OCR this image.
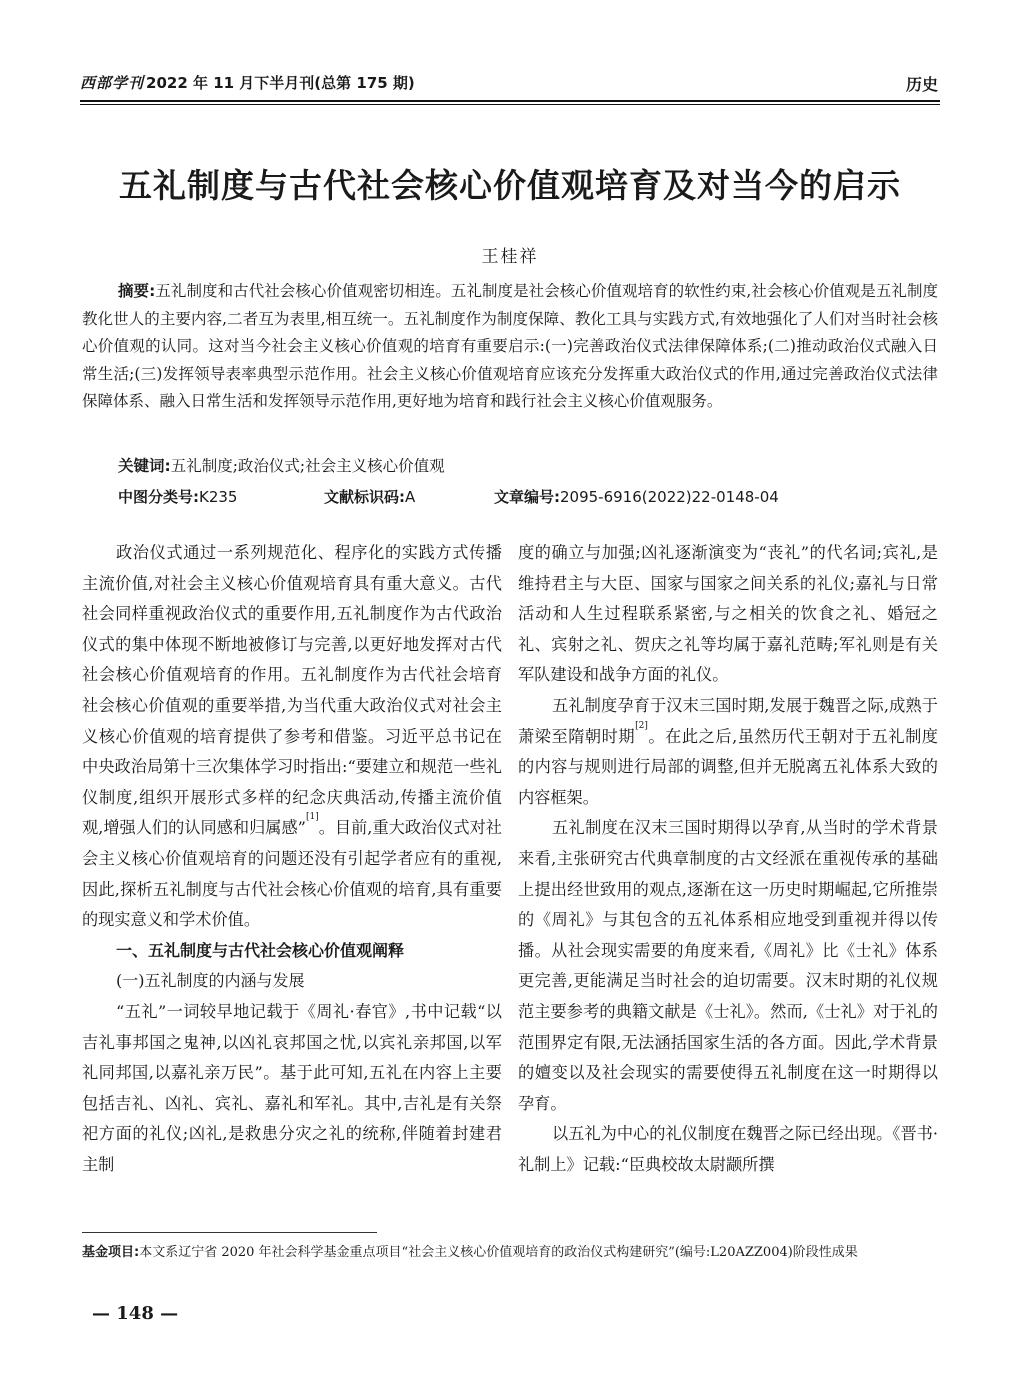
西部学刊 2022 年 11 月下半月刊(总第 175 期)	历史
五礼制度与古代社会核心价值观培育及对当今的启示
王桂祥
摘要:五礼制度和古代社会核心价值观密切相连。五礼制度是社会核心价值观培育的软性约束,社会核心价值观是五礼制度教化世人的主要内容,二者互为表里,相互统一。五礼制度作为制度保障、教化工具与实践方式,有效地强化了人们对当时社会核心价值观的认同。这对当今社会主义核心价值观的培育有重要启示:(一)完善政治仪式法律保障体系;(二)推动政治仪式融入日常生活;(三)发挥领导表率典型示范作用。社会主义核心价值观培育应该充分发挥重大政治仪式的作用,通过完善政治仪式法律保障体系、融入日常生活和发挥领导示范作用,更好地为培育和践行社会主义核心价值观服务。
关键词:五礼制度;政治仪式;社会主义核心价值观
中图分类号:K235	文献标识码:A	文章编号:2095-6916(2022)22-0148-04

政治仪式通过一系列规范化、程序化的实践方式传播主流价值,对社会主义核心价值观培育具有重大意义。古代社会同样重视政治仪式的重要作用,五礼制度作为古代政治仪式的集中体现不断地被修订与完善,以更好地发挥对古代社会核心价值观培育的作用。五礼制度作为古代社会培育社会核心价值观的重要举措,为当代重大政治仪式对社会主义核心价值观的培育提供了参考和借鉴。习近平总书记在中央政治局第十三次集体学习时指出:“要建立和规范一些礼仪制度,组织开展形式多样的纪念庆典活动,传播主流价值观,增强人们的认同感和归属感”[1]。目前,重大政治仪式对社会主义核心价值观培育的问题还没有引起学者应有的重视,因此,探析五礼制度与古代社会核心价值观的培育,具有重要的现实意义和学术价值。

一、五礼制度与古代社会核心价值观阐释
(一)五礼制度的内涵与发展

“五礼”一词较早地记载于《周礼·春官》,书中记载“以吉礼事邦国之鬼神,以凶礼哀邦国之忧,以宾礼亲邦国,以军礼同邦国,以嘉礼亲万民”。基于此可知,五礼在内容上主要包括吉礼、凶礼、宾礼、嘉礼和军礼。其中,吉礼是有关祭祀方面的礼仪;凶礼,是救患分灾之礼的统称,伴随着封建君主制

度的确立与加强;凶礼逐渐演变为“丧礼”的代名词;宾礼,是维持君主与大臣、国家与国家之间关系的礼仪;嘉礼与日常活动和人生过程联系紧密,与之相关的饮食之礼、婚冠之礼、宾射之礼、贺庆之礼等均属于嘉礼范畴;军礼则是有关军队建设和战争方面的礼仪。

五礼制度孕育于汉末三国时期,发展于魏晋之际,成熟于萧梁至隋朝时期[2]。在此之后,虽然历代王朝对于五礼制度的内容与规则进行局部的调整,但并无脱离五礼体系大致的内容框架。

五礼制度在汉末三国时期得以孕育,从当时的学术背景来看,主张研究古代典章制度的古文经派在重视传承的基础上提出经世致用的观点,逐渐在这一历史时期崛起,它所推崇的《周礼》与其包含的五礼体系相应地受到重视并得以传播。从社会现实需要的角度来看,《周礼》比《士礼》体系更完善,更能满足当时社会的迫切需要。汉末时期的礼仪规范主要参考的典籍文献是《士礼》。然而,《士礼》对于礼的范围界定有限,无法涵括国家生活的各方面。因此,学术背景的嬗变以及社会现实的需要使得五礼制度在这一时期得以孕育。

以五礼为中心的礼仪制度在魏晋之际已经出现。《晋书·礼制上》记载:“臣典校故太尉颛所撰

基金项目:本文系辽宁省 2020 年社会科学基金重点项目“社会主义核心价值观培育的政治仪式构建研究”(编号:L20AZZ004)阶段性成果
— 148 —
